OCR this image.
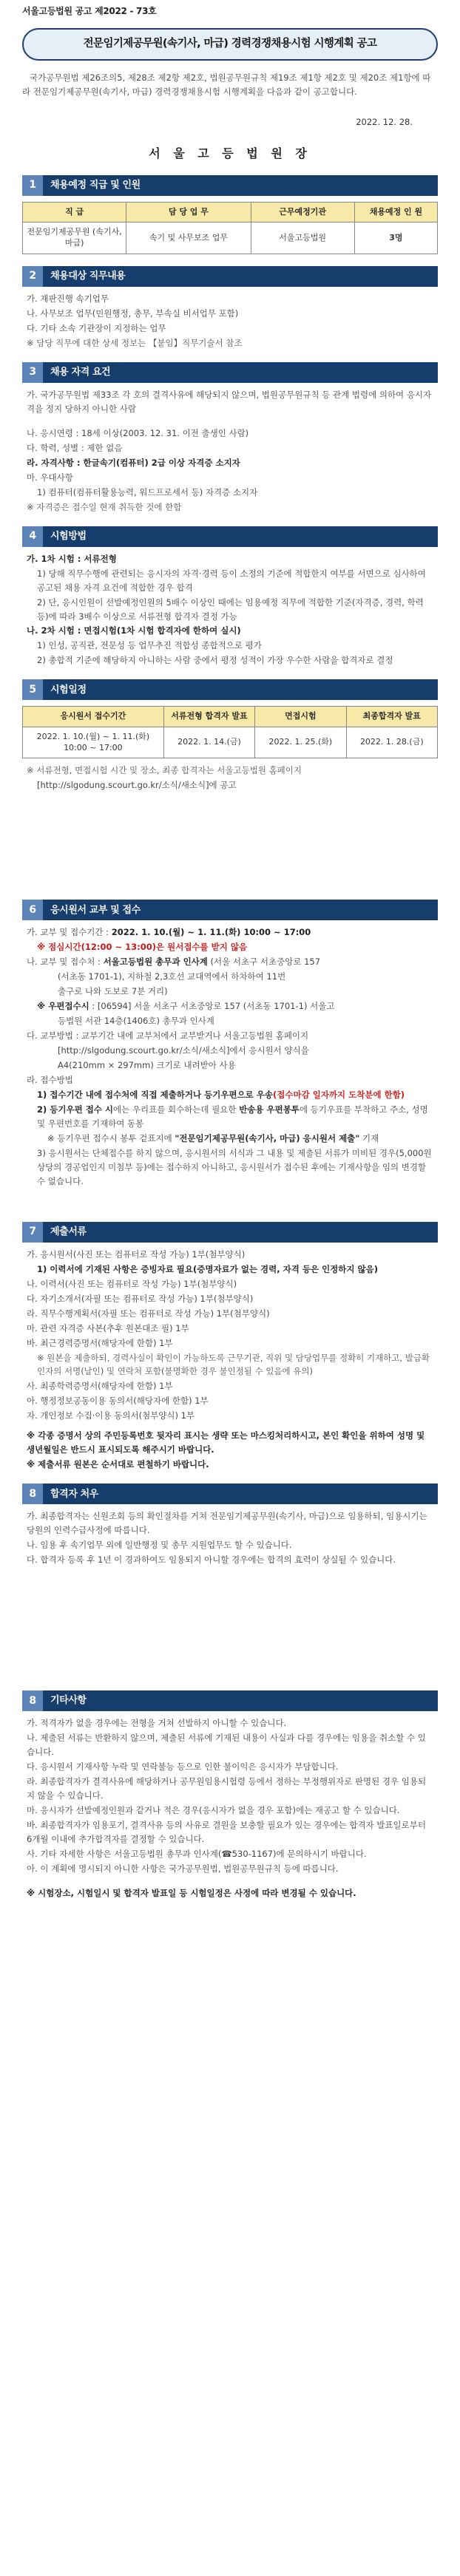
서울고등법원 공고 제2022 - 73호
전문임기제공무원(속기사, 마급) 경력경쟁채용시험 시행계획 공고
국가공무원법 제26조의5, 제28조 제2항 제2호, 법원공무원규칙 제19조 제1항 제2호 및 제20조 제1항에 따라 전문임기제공무원(속기사, 마급) 경력경쟁채용시험 시행계획을 다음과 같이 공고합니다.
2022. 12. 28.
서 울 고 등 법 원 장
1	채용예정 직급 및 인원
직 급	담 당 업 무	근무예정기관	채용예정 인 원
전문임기제공무원 (속기사, 마급)	속기 및 사무보조 업무	서울고등법원	3명
2	채용대상 직무내용
가. 재판진행 속기업무
나. 사무보조 업무(민원행정, 총무, 부속실 비서업무 포함)
다. 기타 소속 기관장이 지정하는 업무
※ 담당 직무에 대한 상세 정보는 【붙임】직무기술서 참조
3	채용 자격 요건
가. 국가공무원법 제33조 각 호의 결격사유에 해당되지 않으며, 법원공무원규칙 등 관계 법령에 의하여 응시자격을 정지 당하지 아니한 사람
나. 응시연령 : 18세 이상(2003. 12. 31. 이전 출생인 사람)
다. 학력, 성별 : 제한 없음
라. 자격사항 : 한글속기(컴퓨터) 2급 이상 자격증 소지자
마. 우대사항
1) 컴퓨터(컴퓨터활용능력, 워드프로세서 등) 자격증 소지자
※ 자격증은 접수일 현재 취득한 것에 한함
4	시험방법
가. 1차 시험 : 서류전형
1) 당해 직무수행에 관련되는 응시자의 자격·경력 등이 소정의 기준에 적합한지 여부를 서면으로 심사하여 공고된 채용 자격 요건에 적합한 경우 합격
2) 단, 응시인원이 선발예정인원의 5배수 이상인 때에는 임용예정 직무에 적합한 기준(자격증, 경력, 학력 등)에 따라 3배수 이상으로 서류전형 합격자 결정 가능
나. 2차 시험 : 면접시험(1차 시험 합격자에 한하여 실시)
1) 인성, 공직관, 전문성 등 업무추진 적합성 종합적으로 평가
2) 총합적 기준에 해당하지 아니하는 사람 중에서 평정 성적이 가장 우수한 사람을 합격자로 결정
5	시험일정
응시원서 접수기간	서류전형 합격자 발표	면접시험	최종합격자 발표
2022. 1. 10.(월) ~ 1. 11.(화) 10:00 ~ 17:00	2022. 1. 14.(금)	2022. 1. 25.(화)	2022. 1. 28.(금)
※ 서류전형, 면접시험 시간 및 장소, 최종 합격자는 서울고등법원 홈페이지
[http://slgodung.scourt.go.kr/소식/새소식]에 공고
6	응시원서 교부 및 접수
가. 교부 및 접수기간 : 2022. 1. 10.(월) ~ 1. 11.(화) 10:00 ~ 17:00
※ 점심시간(12:00 ~ 13:00)은 원서접수를 받지 않음
나. 교부 및 접수처 : 서울고등법원 총무과 인사계 (서울 서초구 서초중앙로 157
(서초동 1701-1), 지하철 2,3호선 교대역에서 하차하여 11번
출구로 나와 도보로 7분 거리)
※ 우편접수시 : [06594] 서울 서초구 서초중앙로 157 (서초동 1701-1) 서울고
등법원 서관 14층(1406호) 총무과 인사계
다. 교부방법 : 교부기간 내에 교부처에서 교부받거나 서울고등법원 홈페이지
[http://slgodung.scourt.go.kr/소식/새소식]에서 응시원서 양식을
A4(210mm × 297mm) 크기로 내려받아 사용
라. 접수방법
1) 접수기간 내에 접수처에 직접 제출하거나 등기우편으로 우송(접수마감 일자까지 도착분에 한함)
2) 등기우편 접수 시에는 우리표를 회수하는데 필요한 반송용 우편봉투에 등기우표를 부착하고 주소, 성명 및 우편번호를 기재하여 동봉
※ 등기우편 접수시 봉투 겉표지에 "전문임기제공무원(속기사, 마급) 응시원서 제출" 기재
3) 응시원서는 단체접수를 하지 않으며, 응시원서의 서식과 그 내용 및 제출된 서류가 미비된 경우(5,000원 상당의 경공업인지 미첨부 등)에는 접수하지 아니하고, 응시원서가 접수된 후에는 기재사항을 임의 변경할 수 없습니다.
7	제출서류
가. 응시원서(사진 또는 컴퓨터로 작성 가능) 1부(첨부양식)
1) 이력서에 기재된 사항은 증빙자료 필요(증명자료가 없는 경력, 자격 등은 인정하지 않음)
나. 이력서(사진 또는 컴퓨터로 작성 가능) 1부(첨부양식)
다. 자기소개서(자필 또는 컴퓨터로 작성 가능) 1부(첨부양식)
라. 직무수행계획서(자필 또는 컴퓨터로 작성 가능) 1부(첨부양식)
마. 관련 자격증 사본(추후 원본대조 필) 1부
바. 최근경력증명서(해당자에 한함) 1부
※ 원본을 제출하되, 경력사실이 확인이 가능하도록 근무기관, 직위 및 담당업무를 정확히 기재하고, 발급확인자의 서명(날인) 및 연락처 포함(불명확한 경우 불인정될 수 있음에 유의)
사. 최종학력증명서(해당자에 한함) 1부
아. 행정정보공동이용 동의서(해당자에 한함) 1부
자. 개인정보 수집·이용 동의서(첨부양식) 1부
※ 각종 증명서 상의 주민등록번호 뒷자리 표시는 생략 또는 마스킹처리하시고, 본인 확인을 위하여 성명 및 생년월일은 반드시 표시되도록 해주시기 바랍니다.
※ 제출서류 원본은 순서대로 편철하기 바랍니다.
8	합격자 처우
가. 최종합격자는 신원조회 등의 확인절차를 거쳐 전문임기제공무원(속기사, 마급)으로 임용하되, 임용시기는 당원의 인력수급사정에 따릅니다.
나. 임용 후 속기업무 외에 일반행정 및 총무 지원업무도 할 수 있습니다.
다. 합격자 등록 후 1년 이 경과하여도 임용되지 아니할 경우에는 합격의 효력이 상실될 수 있습니다.
8	기타사항
가. 적격자가 없을 경우에는 전형을 거쳐 선발하지 아니할 수 있습니다.
나. 제출된 서류는 반환하지 않으며, 제출된 서류에 기재된 내용이 사실과 다를 경우에는 임용을 취소할 수 있습니다.
다. 응시원서 기재사항 누락 및 연락불능 등으로 인한 불이익은 응시자가 부담합니다.
라. 최종합격자가 결격사유에 해당하거나 공무원임용시험령 등에서 정하는 부정행위자로 판명된 경우 임용되지 않을 수 있습니다.
마. 응시자가 선발예정인원과 같거나 적은 경우(응시자가 없을 경우 포함)에는 재공고 할 수 있습니다.
바. 최종합격자가 임용포기, 결격사유 등의 사유로 결원을 보충할 필요가 있는 경우에는 합격자 발표일로부터 6개월 이내에 추가합격자를 결정할 수 있습니다.
사. 기타 자세한 사항은 서울고등법원 총무과 인사계(☎530-1167)에 문의하시기 바랍니다.
아. 이 계획에 명시되지 아니한 사항은 국가공무원법, 법원공무원규칙 등에 따릅니다.
※ 시험장소, 시험일시 및 합격자 발표일 등 시험일정은 사정에 따라 변경될 수 있습니다.
